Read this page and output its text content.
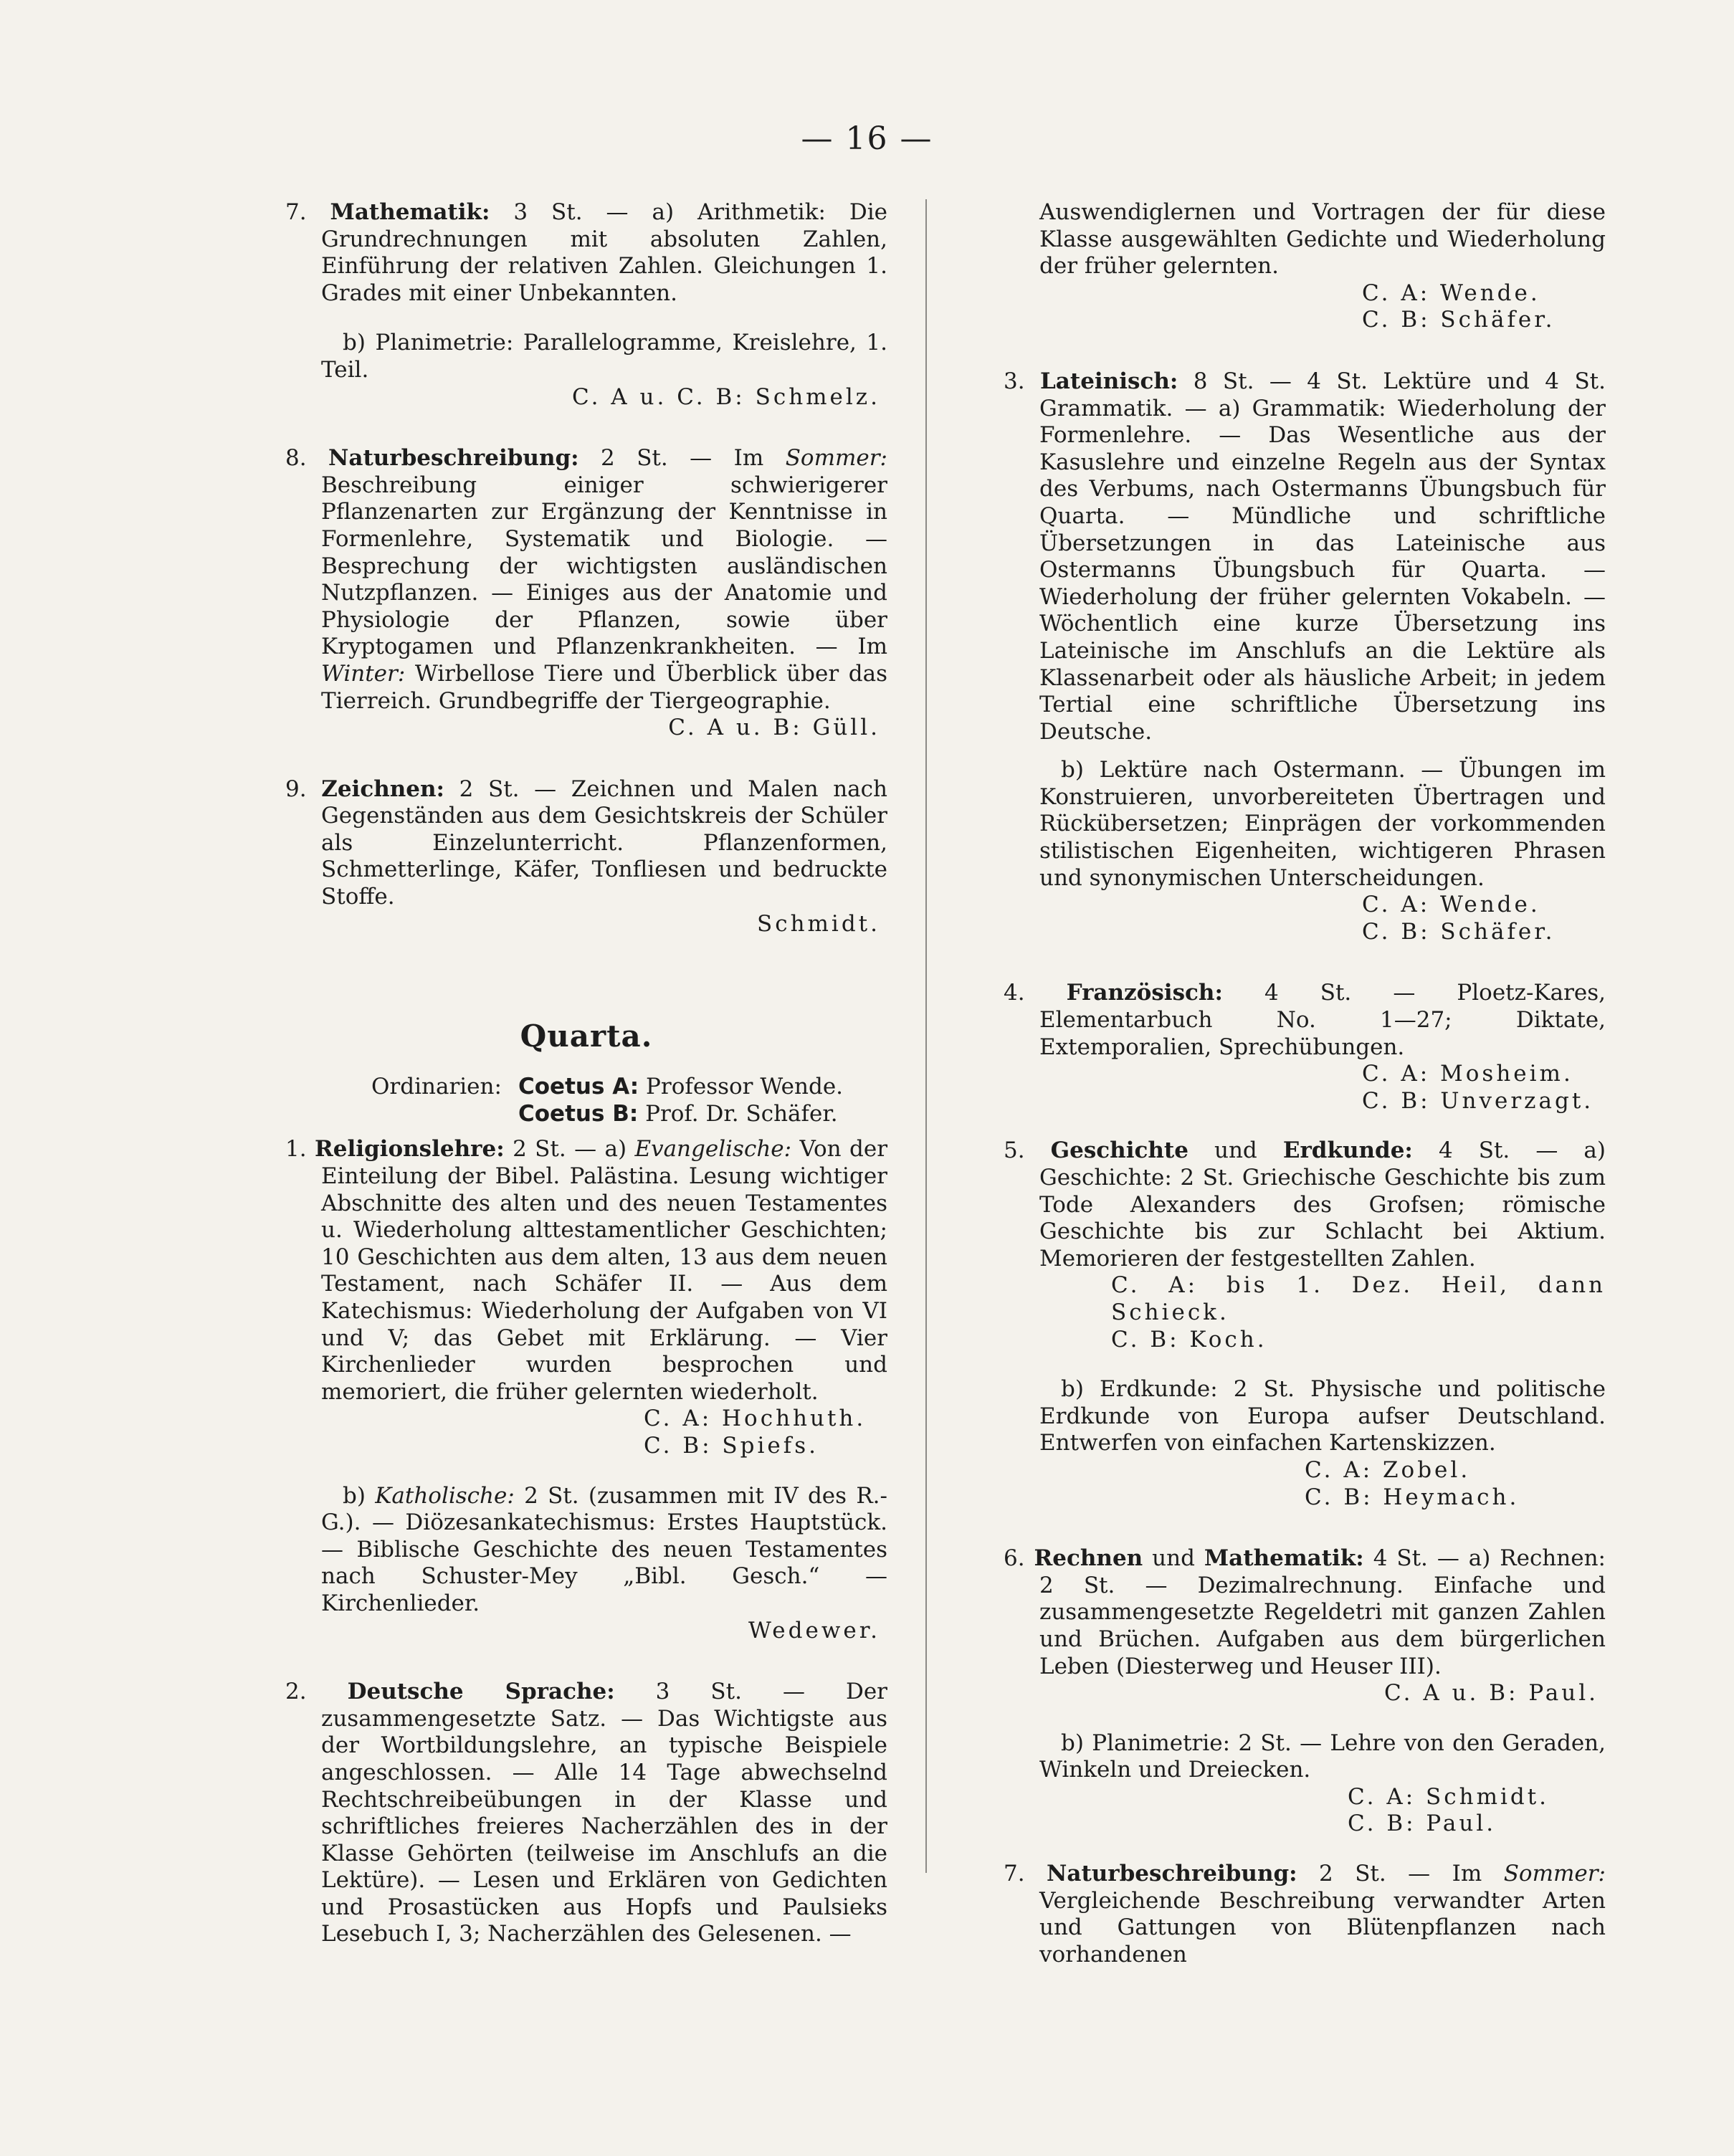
— 16 —

7. Mathematik: 3 St. — a) Arithmetik: Die Grundrechnungen mit absoluten Zahlen, Einführung der relativen Zahlen. Gleichungen 1. Grades mit einer Unbekannten.

b) Planimetrie: Parallelogramme, Kreislehre, 1. Teil.

C. A u. C. B: Schmelz.

8. Naturbeschreibung: 2 St. — Im Sommer: Beschreibung einiger schwierigerer Pflanzenarten zur Ergänzung der Kenntnisse in Formenlehre, Systematik und Biologie. — Besprechung der wichtigsten ausländischen Nutzpflanzen. — Einiges aus der Anatomie und Physiologie der Pflanzen, sowie über Kryptogamen und Pflanzenkrankheiten. — Im Winter: Wirbellose Tiere und Überblick über das Tierreich. Grundbegriffe der Tiergeographie.

C. A u. B: Güll.

9. Zeichnen: 2 St. — Zeichnen und Malen nach Gegenständen aus dem Gesichtskreis der Schüler als Einzelunterricht. Pflanzenformen, Schmetterlinge, Käfer, Tonfliesen und bedruckte Stoffe.

Schmidt.

Quarta.
Ordinarien: Coetus A: Professor Wende.
Coetus B: Prof. Dr. Schäfer.

1. Religionslehre: 2 St. — a) Evangelische: Von der Einteilung der Bibel. Palästina. Lesung wichtiger Abschnitte des alten und des neuen Testamentes u. Wiederholung alttestamentlicher Geschichten; 10 Geschichten aus dem alten, 13 aus dem neuen Testament, nach Schäfer II. — Aus dem Katechismus: Wiederholung der Aufgaben von VI und V; das Gebet mit Erklärung. — Vier Kirchenlieder wurden besprochen und memoriert, die früher gelernten wiederholt.

C. A: Hochhuth.

C. B: Spiefs.

b) Katholische: 2 St. (zusammen mit IV des R.-G.). — Diözesankatechismus: Erstes Hauptstück. — Biblische Geschichte des neuen Testamentes nach Schuster-Mey „Bibl. Gesch.“ — Kirchenlieder.

Wedewer.

2. Deutsche Sprache: 3 St. — Der zusammengesetzte Satz. — Das Wichtigste aus der Wortbildungslehre, an typische Beispiele angeschlossen. — Alle 14 Tage abwechselnd Rechtschreibeübungen in der Klasse und schriftliches freieres Nacherzählen des in der Klasse Gehörten (teilweise im Anschlufs an die Lektüre). — Lesen und Erklären von Gedichten und Prosastücken aus Hopfs und Paulsieks Lesebuch I, 3; Nacherzählen des Gelesenen. —

Auswendiglernen und Vortragen der für diese Klasse ausgewählten Gedichte und Wiederholung der früher gelernten.

C. A: Wende.

C. B: Schäfer.

3. Lateinisch: 8 St. — 4 St. Lektüre und 4 St. Grammatik. — a) Grammatik: Wiederholung der Formenlehre. — Das Wesentliche aus der Kasuslehre und einzelne Regeln aus der Syntax des Verbums, nach Ostermanns Übungsbuch für Quarta. — Mündliche und schriftliche Übersetzungen in das Lateinische aus Ostermanns Übungsbuch für Quarta. — Wiederholung der früher gelernten Vokabeln. — Wöchentlich eine kurze Übersetzung ins Lateinische im Anschlufs an die Lektüre als Klassenarbeit oder als häusliche Arbeit; in jedem Tertial eine schriftliche Übersetzung ins Deutsche.

b) Lektüre nach Ostermann. — Übungen im Konstruieren, unvorbereiteten Übertragen und Rückübersetzen; Einprägen der vorkommenden stilistischen Eigenheiten, wichtigeren Phrasen und synonymischen Unterscheidungen.

C. A: Wende.

C. B: Schäfer.

4. Französisch: 4 St. — Ploetz-Kares, Elementarbuch No. 1—27; Diktate, Extemporalien, Sprechübungen.

C. A: Mosheim.

C. B: Unverzagt.

5. Geschichte und Erdkunde: 4 St. — a) Geschichte: 2 St. Griechische Geschichte bis zum Tode Alexanders des Grofsen; römische Geschichte bis zur Schlacht bei Aktium. Memorieren der festgestellten Zahlen.

C. A: bis 1. Dez. Heil, dann Schieck.

C. B: Koch.

b) Erdkunde: 2 St. Physische und politische Erdkunde von Europa aufser Deutschland. Entwerfen von einfachen Kartenskizzen.

C. A: Zobel.

C. B: Heymach.

6. Rechnen und Mathematik: 4 St. — a) Rechnen: 2 St. — Dezimalrechnung. Einfache und zusammengesetzte Regeldetri mit ganzen Zahlen und Brüchen. Aufgaben aus dem bürgerlichen Leben (Diesterweg und Heuser III).

C. A u. B: Paul.

b) Planimetrie: 2 St. — Lehre von den Geraden, Winkeln und Dreiecken.

C. A: Schmidt.

C. B: Paul.

7. Naturbeschreibung: 2 St. — Im Sommer: Vergleichende Beschreibung verwandter Arten und Gattungen von Blütenpflanzen nach vorhandenen
